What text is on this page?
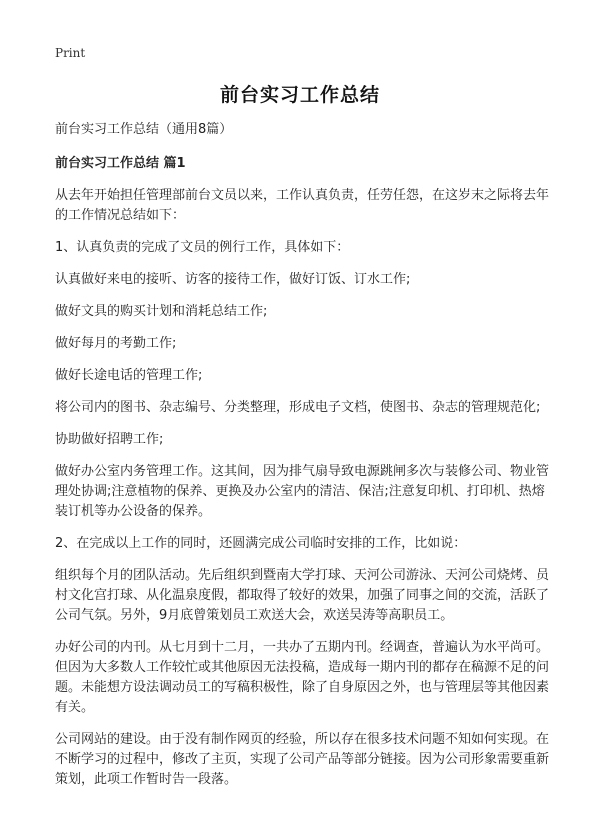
Print
前台实习工作总结

前台实习工作总结（通用8篇）

前台实习工作总结 篇1

从去年开始担任管理部前台文员以来，工作认真负责，任劳任怨，在这岁末之际将去年的工作情况总结如下：

1、认真负责的完成了文员的例行工作，具体如下：

认真做好来电的接听、访客的接待工作，做好订饭、订水工作;

做好文具的购买计划和消耗总结工作;

做好每月的考勤工作;

做好长途电话的管理工作;

将公司内的图书、杂志编号、分类整理，形成电子文档，使图书、杂志的管理规范化;

协助做好招聘工作;

做好办公室内务管理工作。这其间，因为排气扇导致电源跳闸多次与装修公司、物业管理处协调;注意植物的保养、更换及办公室内的清洁、保洁;注意复印机、打印机、热熔装订机等办公设备的保养。

2、在完成以上工作的同时，还圆满完成公司临时安排的工作，比如说：

组织每个月的团队活动。先后组织到暨南大学打球、天河公司游泳、天河公司烧烤、员村文化宫打球、从化温泉度假，都取得了较好的效果，加强了同事之间的交流，活跃了公司气氛。另外，9月底曾策划员工欢送大会，欢送吴涛等高职员工。

办好公司的内刊。从七月到十二月，一共办了五期内刊。经调查，普遍认为水平尚可。但因为大多数人工作较忙或其他原因无法投稿，造成每一期内刊的都存在稿源不足的问题。未能想方设法调动员工的写稿积极性，除了自身原因之外，也与管理层等其他因素有关。

公司网站的建设。由于没有制作网页的经验，所以存在很多技术问题不知如何实现。在不断学习的过程中，修改了主页，实现了公司产品等部分链接。因为公司形象需要重新策划，此项工作暂时告一段落。
